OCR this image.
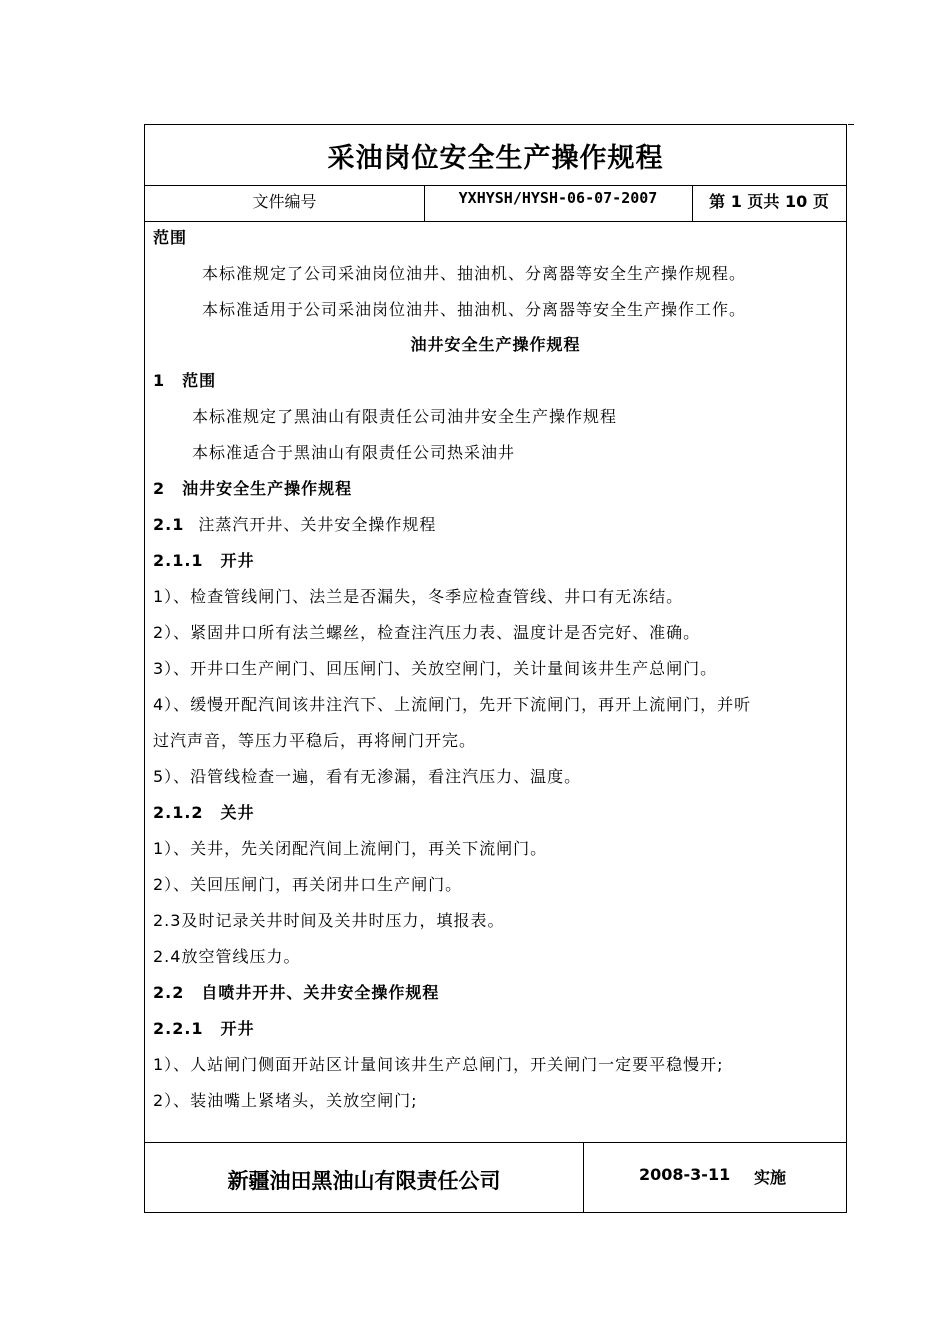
采油岗位安全生产操作规程
文件编号	YXHYSH/HYSH-06-07-2007	第 1 页共 10 页
范围
本标准规定了公司采油岗位油井、抽油机、分离器等安全生产操作规程。
本标准适用于公司采油岗位油井、抽油机、分离器等安全生产操作工作。
油井安全生产操作规程
1　范围
本标准规定了黑油山有限责任公司油井安全生产操作规程
本标准适合于黑油山有限责任公司热采油井
2　油井安全生产操作规程
2.1 注蒸汽开井、关井安全操作规程
2.1.1　开井
1）、检查管线闸门、法兰是否漏失，冬季应检查管线、井口有无冻结。
2）、紧固井口所有法兰螺丝，检查注汽压力表、温度计是否完好、准确。
3）、开井口生产闸门、回压闸门、关放空闸门，关计量间该井生产总闸门。
4）、缓慢开配汽间该井注汽下、上流闸门，先开下流闸门，再开上流闸门，并听
过汽声音，等压力平稳后，再将闸门开完。
5）、沿管线检查一遍，看有无渗漏，看注汽压力、温度。
2.1.2　关井
1）、关井，先关闭配汽间上流闸门，再关下流闸门。
2）、关回压闸门，再关闭井口生产闸门。
2.3及时记录关井时间及关井时压力，填报表。
2.4放空管线压力。
2.2　自喷井开井、关井安全操作规程
2.2.1　开井
1）、人站闸门侧面开站区计量间该井生产总闸门，开关闸门一定要平稳慢开;
2）、装油嘴上紧堵头，关放空闸门;
新疆油田黑油山有限责任公司	2008-3-11 实施
